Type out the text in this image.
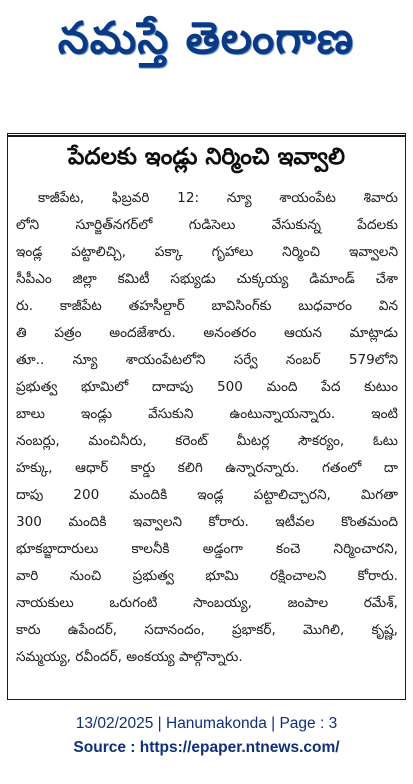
నమస్తే తెలంగాణ
పేదలకు ఇండ్లు నిర్మించి ఇవ్వాలి
కాజీపేట, ఫిబ్రవరి 12: న్యూ శాయంపేట శివారు
లోని సూర్జిత్‌నగర్‌లో గుడిసెలు వేసుకున్న పేదలకు
ఇండ్ల పట్టాలిచ్చి, పక్కా గృహాలు నిర్మించి ఇవ్వాలని
సీపీఎం జిల్లా కమిటీ సభ్యుడు చుక్కయ్య డిమాండ్ చేశా
రు. కాజీపేట తహసీల్దార్ బావిసింగ్‌కు బుధవారం విన
తి పత్రం అందజేశారు. అనంతరం ఆయన మాట్లాడు
తూ.. న్యూ శాయంపేటలోని సర్వే నంబర్ 579లోని
ప్రభుత్వ భూమిలో దాదాపు 500 మంది పేద కుటుం
బాలు ఇండ్లు వేసుకుని ఉంటున్నాయన్నారు. ఇంటి
నంబర్లు, మంచినీరు, కరెంట్ మీటర్ల సౌకర్యం, ఓటు
హక్కు, ఆధార్ కార్డు కలిగి ఉన్నారన్నారు. గతంలో దా
దాపు 200 మందికి ఇండ్ల పట్టాలిచ్చారని, మిగతా
300 మందికి ఇవ్వాలని కోరారు. ఇటీవల కొంతమంది
భూకబ్జాదారులు కాలనీకి అడ్డంగా కంచె నిర్మించారని,
వారి నుంచి ప్రభుత్వ భూమి రక్షించాలని కోరారు.
నాయకులు ఒరుగంటి సాంబయ్య, జంపాల రమేశ్,
కారు ఉపేందర్, సదానందం, ప్రభాకర్, మొగిలి, కృష్ణ,
సమ్మయ్య, రవీందర్, అంకయ్య పాల్గొన్నారు.
13/02/2025 | Hanumakonda | Page : 3
Source : https://epaper.ntnews.com/
